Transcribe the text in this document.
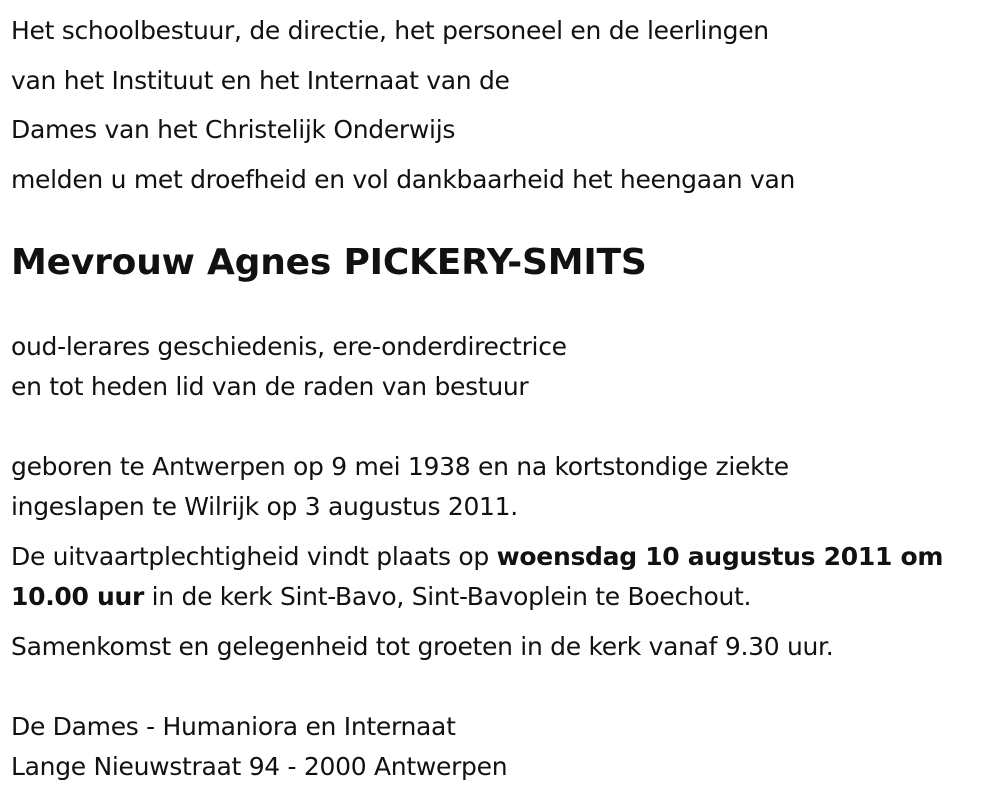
Het schoolbestuur, de directie, het personeel en de leerlingen
van het Instituut en het Internaat van de
Dames van het Christelijk Onderwijs
melden u met droefheid en vol dankbaarheid het heengaan van
Mevrouw Agnes PICKERY-SMITS
oud-lerares geschiedenis, ere-onderdirectrice
en tot heden lid van de raden van bestuur
geboren te Antwerpen op 9 mei 1938 en na kortstondige ziekte
ingeslapen te Wilrijk op 3 augustus 2011.
De uitvaartplechtigheid vindt plaats op woensdag 10 augustus 2011 om
10.00 uur in de kerk Sint-Bavo, Sint-Bavoplein te Boechout.
Samenkomst en gelegenheid tot groeten in de kerk vanaf 9.30 uur.
De Dames - Humaniora en Internaat
Lange Nieuwstraat 94 - 2000 Antwerpen
